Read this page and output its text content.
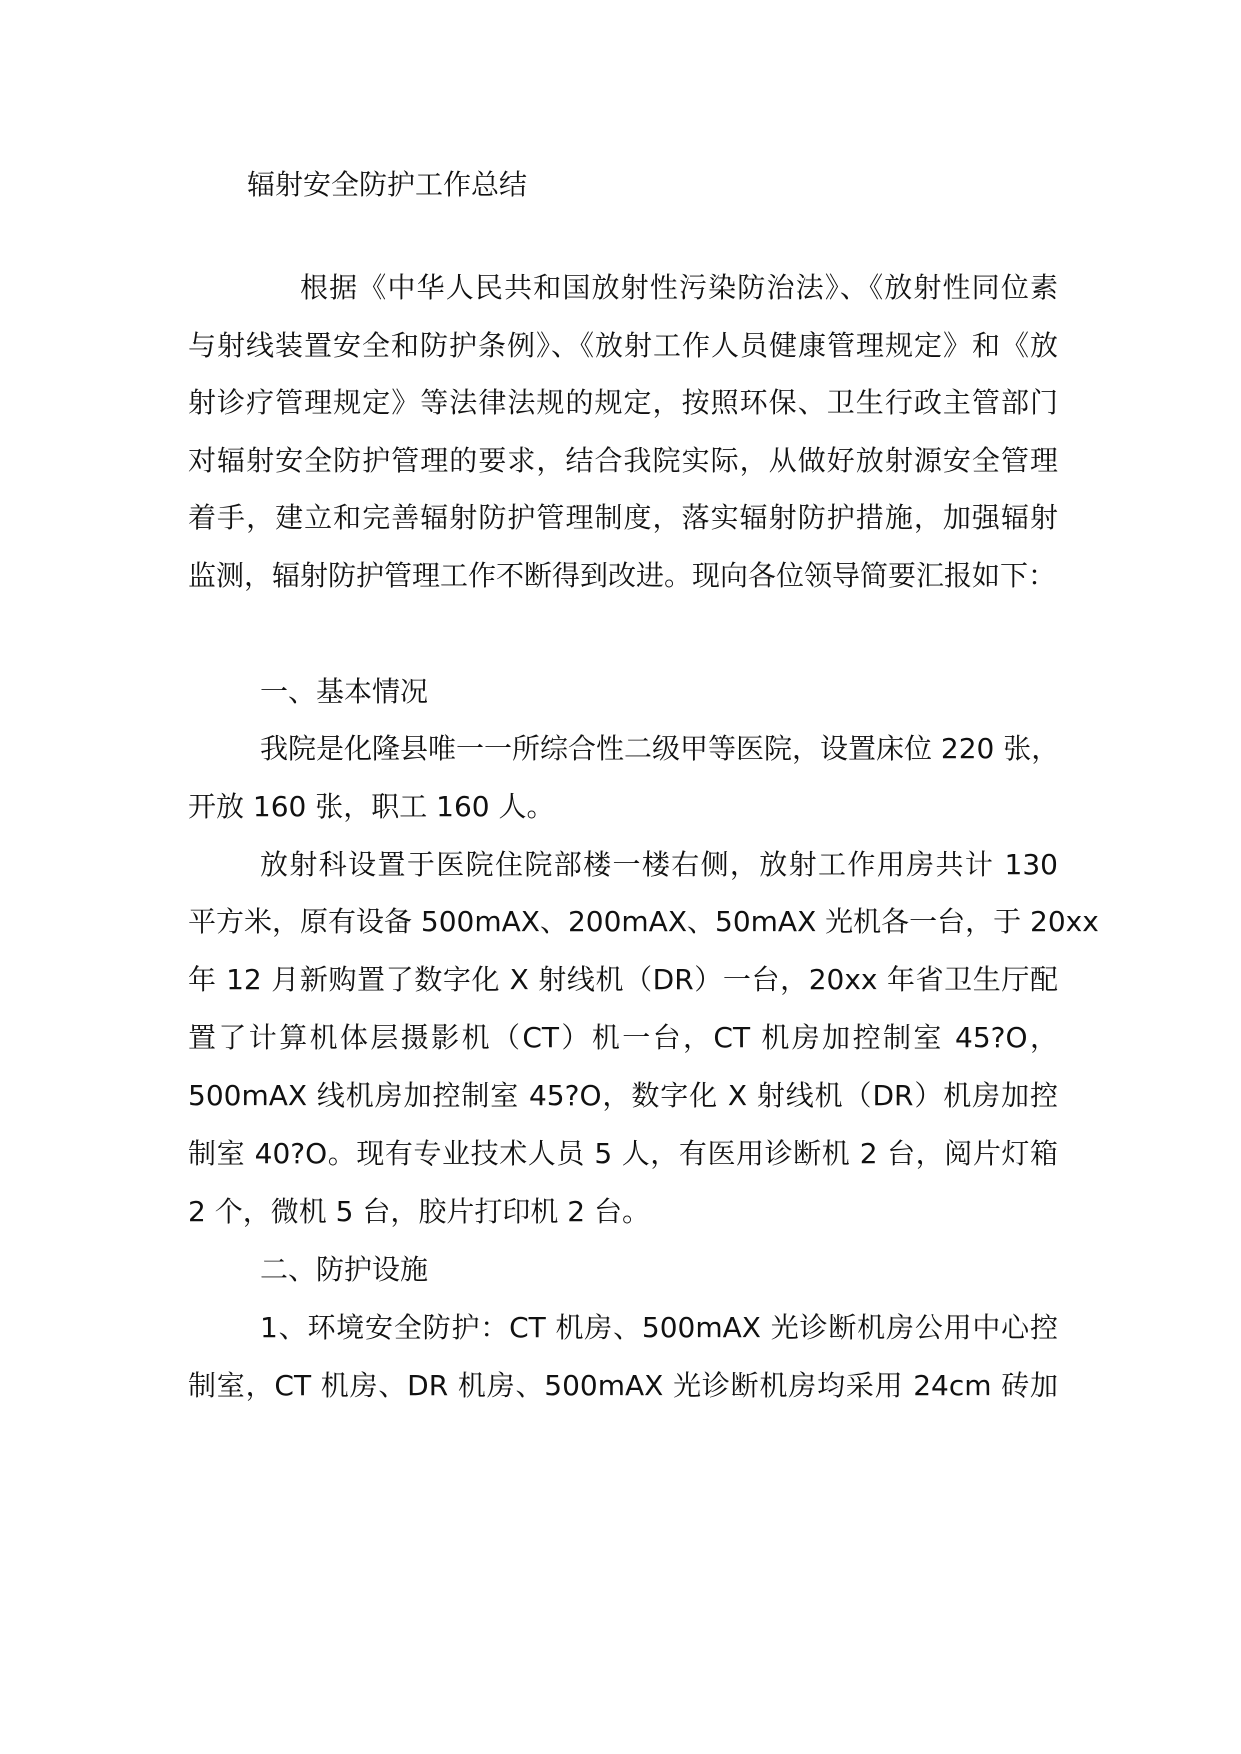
辐射安全防护工作总结
根据《中华人民共和国放射性污染防治法》、《放射性同位素
与射线装置安全和防护条例》、《放射工作人员健康管理规定》和《放
射诊疗管理规定》等法律法规的规定，按照环保、卫生行政主管部门
对辐射安全防护管理的要求，结合我院实际，从做好放射源安全管理
着手，建立和完善辐射防护管理制度，落实辐射防护措施，加强辐射
监测，辐射防护管理工作不断得到改进。现向各位领导简要汇报如下：
一、基本情况
我院是化隆县唯一一所综合性二级甲等医院，设置床位 220 张，
开放 160 张，职工 160 人。
放射科设置于医院住院部楼一楼右侧，放射工作用房共计 130
平方米，原有设备 500mAX、200mAX、50mAX 光机各一台，于 20xx
年 12 月新购置了数字化 X 射线机（DR）一台，20xx 年省卫生厅配
置了计算机体层摄影机（CT）机一台，CT 机房加控制室 45?O，
500mAX 线机房加控制室 45?O，数字化 X 射线机（DR）机房加控
制室 40?O。现有专业技术人员 5 人，有医用诊断机 2 台，阅片灯箱
2 个，微机 5 台，胶片打印机 2 台。
二、防护设施
1、环境安全防护：CT 机房、500mAX 光诊断机房公用中心控
制室，CT 机房、DR 机房、500mAX 光诊断机房均采用 24cm 砖加
